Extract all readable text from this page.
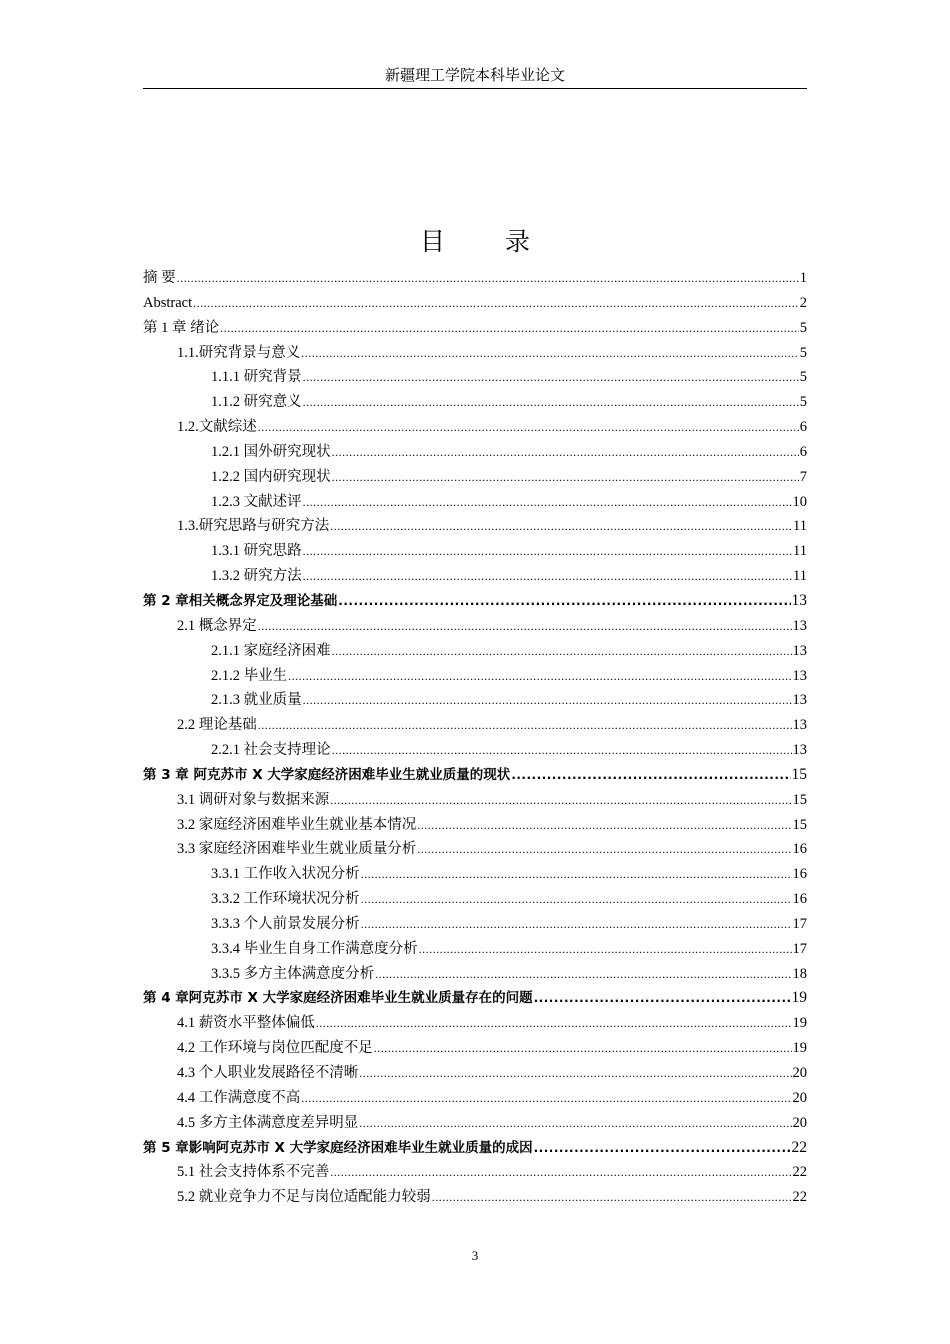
新疆理工学院本科毕业论文
目 录
摘 要 .....	1
Abstract .....	2
第 1 章 绪论 .....	5
1.1.研究背景与意义 .....	5
1.1.1 研究背景 .....	5
1.1.2 研究意义 .....	5
1.2.文献综述 .....	6
1.2.1 国外研究现状 .....	6
1.2.2 国内研究现状 .....	7
1.2.3 文献述评 .....	10
1.3.研究思路与研究方法 .....	11
1.3.1 研究思路 .....	11
1.3.2 研究方法 .....	11
第 2 章相关概念界定及理论基础 .....	13
2.1 概念界定 .....	13
2.1.1 家庭经济困难 .....	13
2.1.2 毕业生 .....	13
2.1.3 就业质量 .....	13
2.2 理论基础 .....	13
2.2.1 社会支持理论 .....	13
第 3 章 阿克苏市 X 大学家庭经济困难毕业生就业质量的现状 .....	15
3.1 调研对象与数据来源 .....	15
3.2 家庭经济困难毕业生就业基本情况 .....	15
3.3 家庭经济困难毕业生就业质量分析 .....	16
3.3.1 工作收入状况分析 .....	16
3.3.2 工作环境状况分析 .....	16
3.3.3 个人前景发展分析 .....	17
3.3.4 毕业生自身工作满意度分析 .....	17
3.3.5 多方主体满意度分析 .....	18
第 4 章阿克苏市 X 大学家庭经济困难毕业生就业质量存在的问题 .....	19
4.1 薪资水平整体偏低 .....	19
4.2 工作环境与岗位匹配度不足 .....	19
4.3 个人职业发展路径不清晰 .....	20
4.4 工作满意度不高 .....	20
4.5 多方主体满意度差异明显 .....	20
第 5 章影响阿克苏市 X 大学家庭经济困难毕业生就业质量的成因 .....	22
5.1 社会支持体系不完善 .....	22
5.2 就业竞争力不足与岗位适配能力较弱 .....	22
3
